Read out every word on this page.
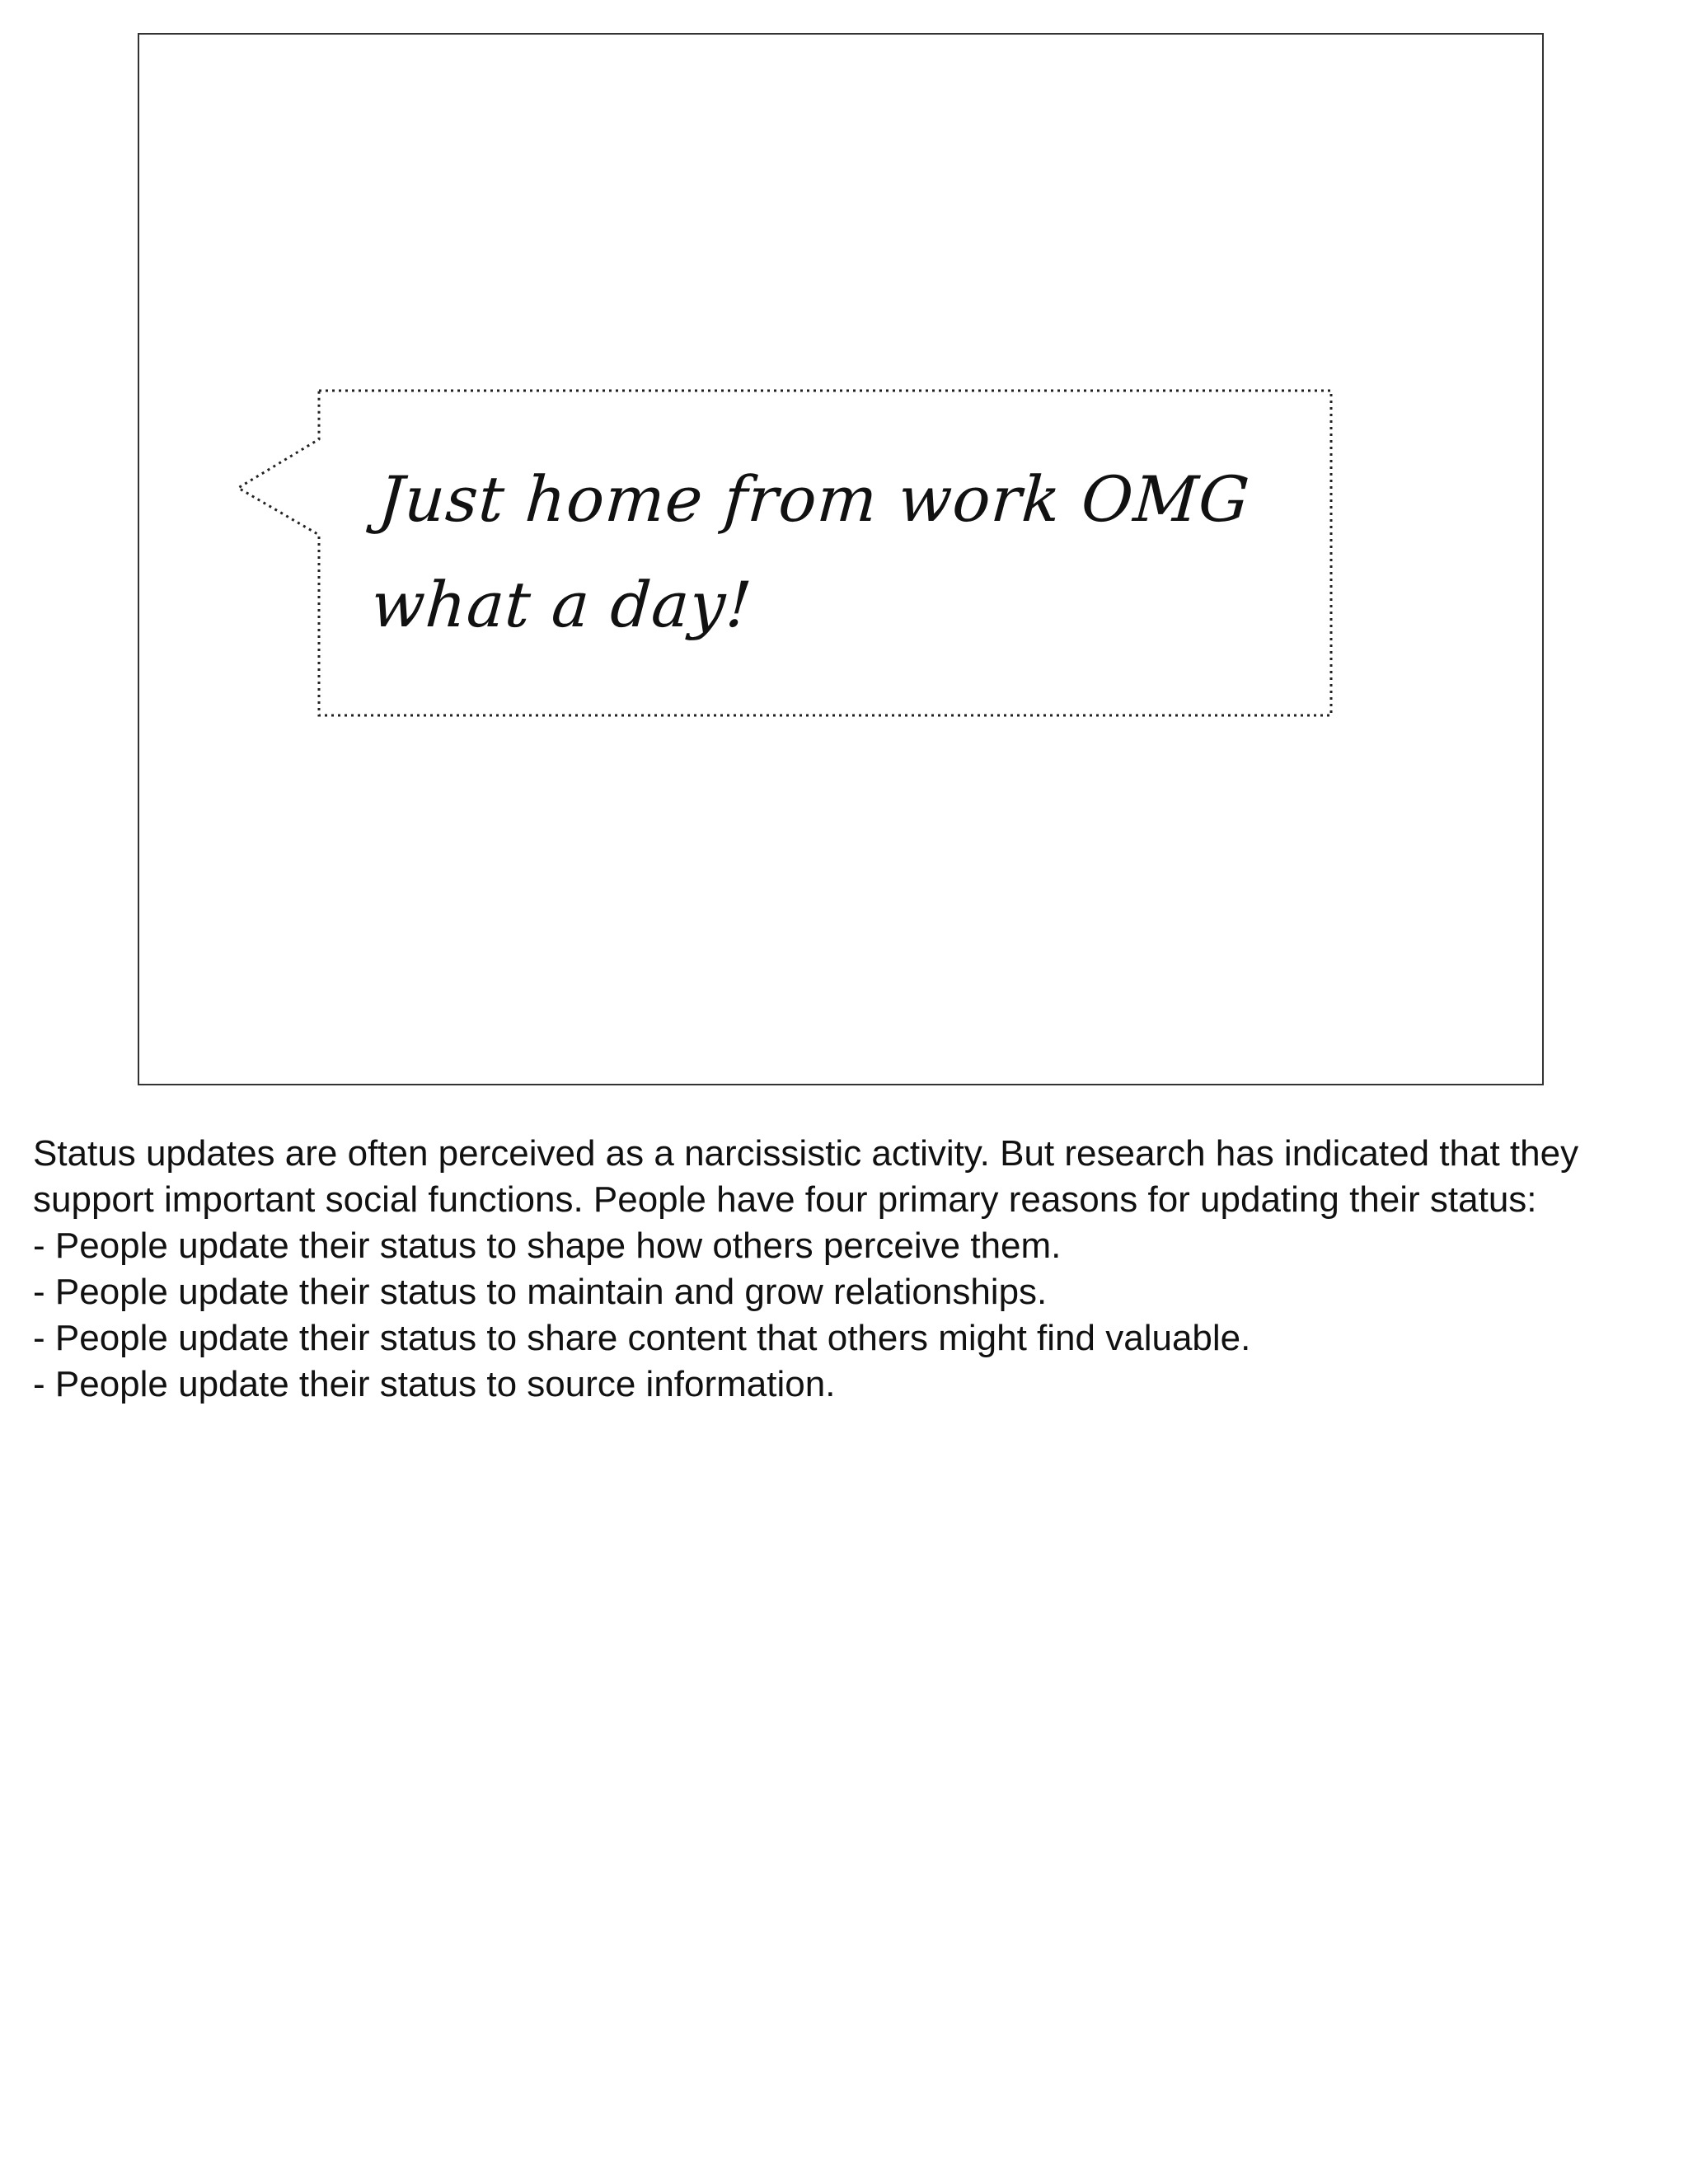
Just home from work OMG
what a day!

Status updates are often perceived as a narcissistic activity. But research has indicated that they support important social functions. People have four primary reasons for updating their status:

- People update their status to shape how others perceive them.
- People update their status to maintain and grow relationships.
- People update their status to share content that others might find valuable.
- People update their status to source information.
